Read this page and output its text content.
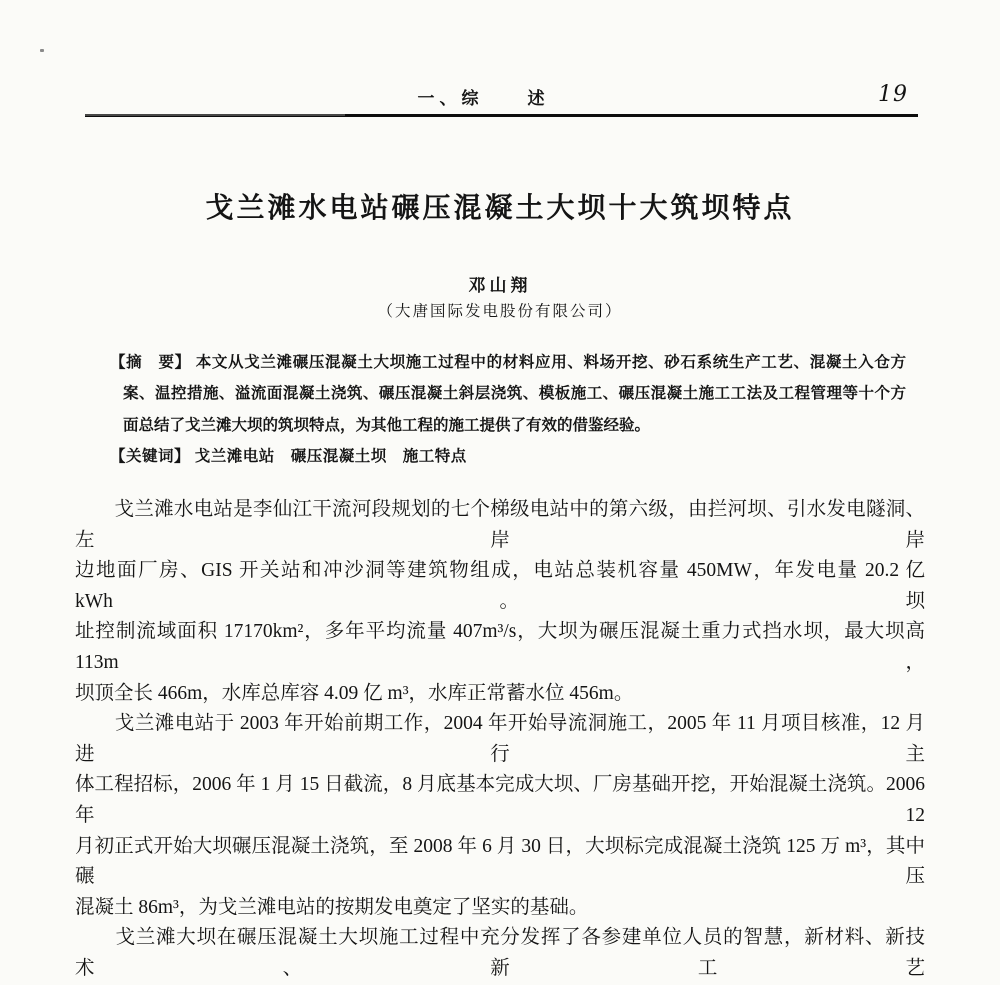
一、综　　述	19
戈兰滩水电站碾压混凝土大坝十大筑坝特点
邓山翔
（大唐国际发电股份有限公司）
【摘　要】 本文从戈兰滩碾压混凝土大坝施工过程中的材料应用、料场开挖、砂石系统生产工艺、混凝土入仓方
案、温控措施、溢流面混凝土浇筑、碾压混凝土斜层浇筑、模板施工、碾压混凝土施工工法及工程管理等十个方
面总结了戈兰滩大坝的筑坝特点，为其他工程的施工提供了有效的借鉴经验。
【关键词】 戈兰滩电站　碾压混凝土坝　施工特点
　　戈兰滩水电站是李仙江干流河段规划的七个梯级电站中的第六级，由拦河坝、引水发电隧洞、左岸岸
边地面厂房、GIS 开关站和冲沙洞等建筑物组成，电站总装机容量 450MW，年发电量 20.2 亿 kWh。坝
址控制流域面积 17170km²，多年平均流量 407m³/s，大坝为碾压混凝土重力式挡水坝，最大坝高 113m，
坝顶全长 466m，水库总库容 4.09 亿 m³，水库正常蓄水位 456m。
　　戈兰滩电站于 2003 年开始前期工作，2004 年开始导流洞施工，2005 年 11 月项目核准，12 月进行主
体工程招标，2006 年 1 月 15 日截流，8 月底基本完成大坝、厂房基础开挖，开始混凝土浇筑。2006 年 12
月初正式开始大坝碾压混凝土浇筑，至 2008 年 6 月 30 日，大坝标完成混凝土浇筑 125 万 m³，其中碾压
混凝土 86m³，为戈兰滩电站的按期发电奠定了坚实的基础。
　　戈兰滩大坝在碾压混凝土大坝施工过程中充分发挥了各参建单位人员的智慧，新材料、新技术、新工艺
